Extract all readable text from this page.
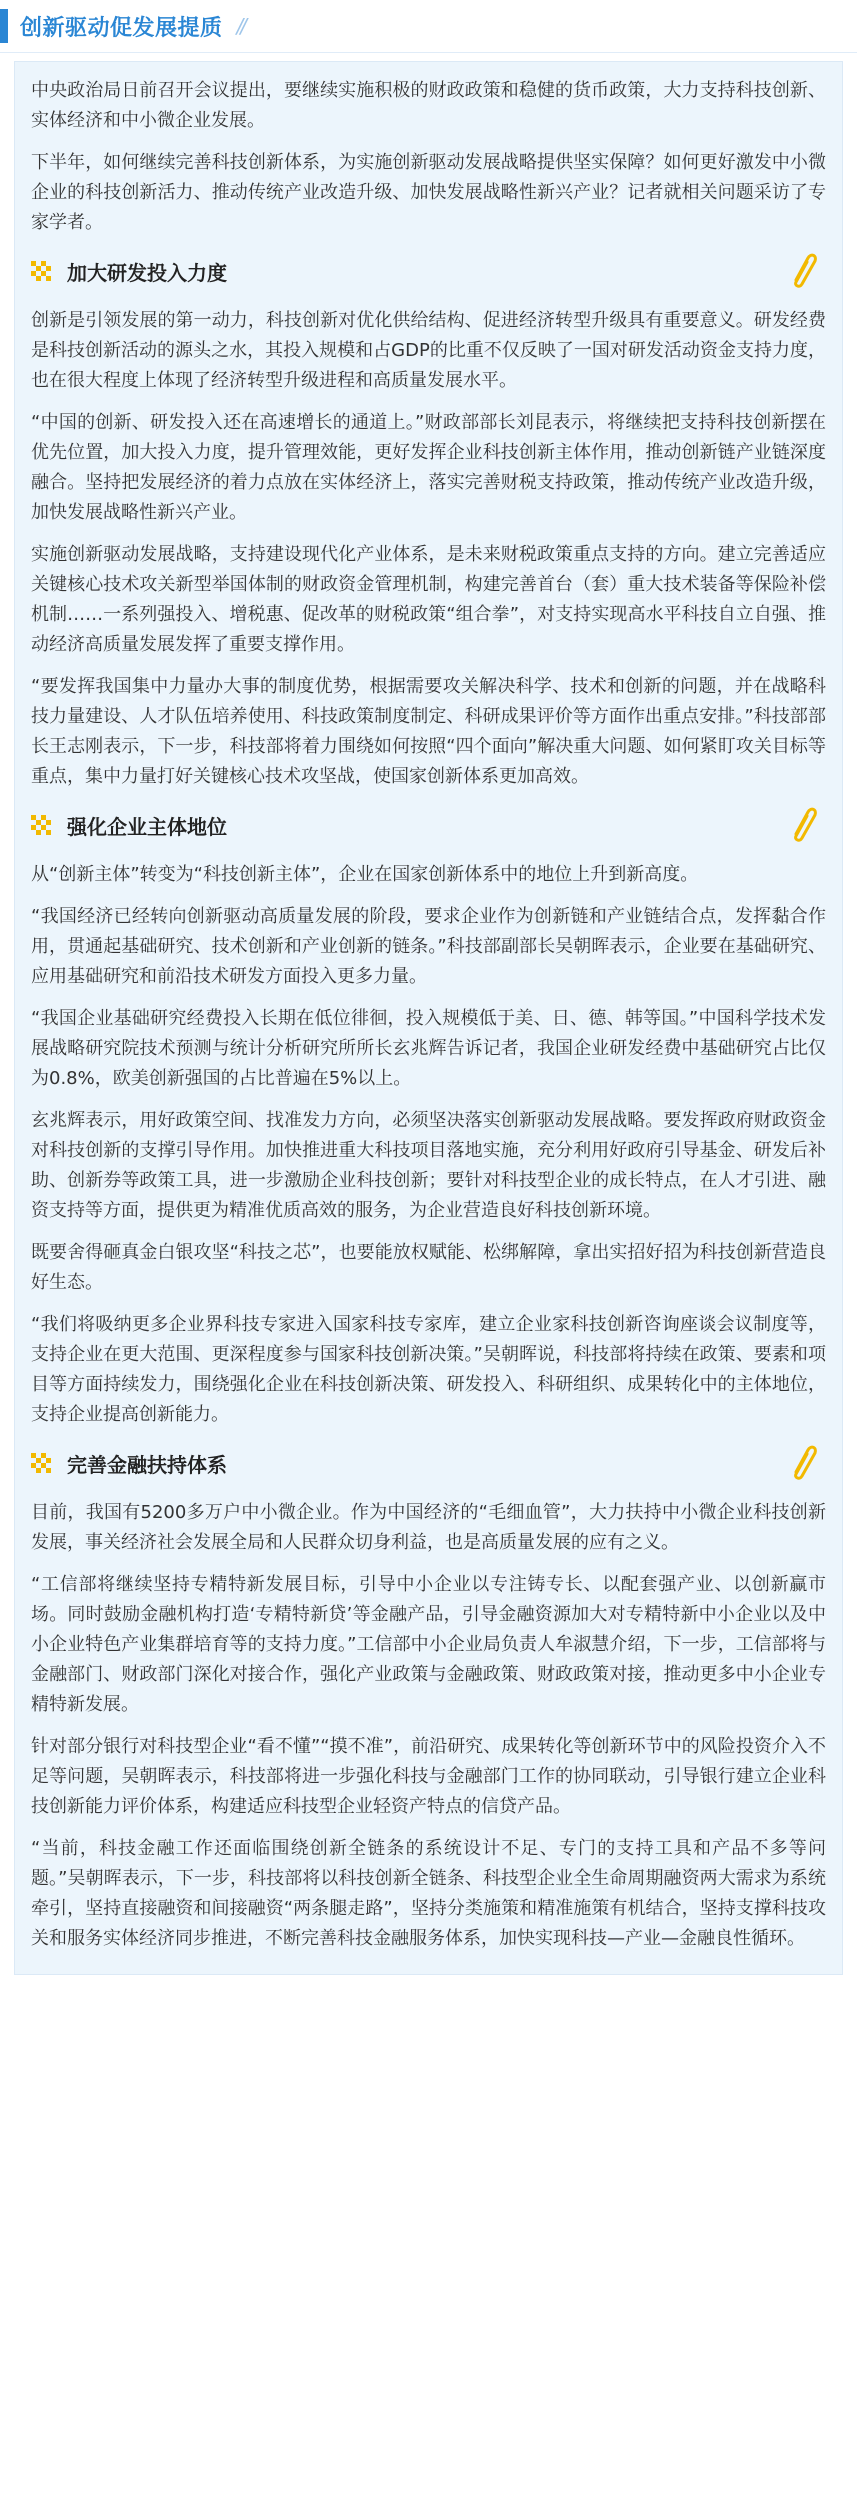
创新驱动促发展提质 //

中央政治局日前召开会议提出，要继续实施积极的财政政策和稳健的货币政策，大力支持科技创新、实体经济和中小微企业发展。

下半年，如何继续完善科技创新体系，为实施创新驱动发展战略提供坚实保障？如何更好激发中小微企业的科技创新活力、推动传统产业改造升级、加快发展战略性新兴产业？记者就相关问题采访了专家学者。

加大研发投入力度

创新是引领发展的第一动力，科技创新对优化供给结构、促进经济转型升级具有重要意义。研发经费是科技创新活动的源头之水，其投入规模和占GDP的比重不仅反映了一国对研发活动资金支持力度，也在很大程度上体现了经济转型升级进程和高质量发展水平。

“中国的创新、研发投入还在高速增长的通道上。”财政部部长刘昆表示，将继续把支持科技创新摆在优先位置，加大投入力度，提升管理效能，更好发挥企业科技创新主体作用，推动创新链产业链深度融合。坚持把发展经济的着力点放在实体经济上，落实完善财税支持政策，推动传统产业改造升级，加快发展战略性新兴产业。

实施创新驱动发展战略，支持建设现代化产业体系，是未来财税政策重点支持的方向。建立完善适应关键核心技术攻关新型举国体制的财政资金管理机制，构建完善首台（套）重大技术装备等保险补偿机制……一系列强投入、增税惠、促改革的财税政策“组合拳”，对支持实现高水平科技自立自强、推动经济高质量发展发挥了重要支撑作用。

“要发挥我国集中力量办大事的制度优势，根据需要攻关解决科学、技术和创新的问题，并在战略科技力量建设、人才队伍培养使用、科技政策制度制定、科研成果评价等方面作出重点安排。”科技部部长王志刚表示，下一步，科技部将着力围绕如何按照“四个面向”解决重大问题、如何紧盯攻关目标等重点，集中力量打好关键核心技术攻坚战，使国家创新体系更加高效。

强化企业主体地位

从“创新主体”转变为“科技创新主体”，企业在国家创新体系中的地位上升到新高度。

“我国经济已经转向创新驱动高质量发展的阶段，要求企业作为创新链和产业链结合点，发挥黏合作用，贯通起基础研究、技术创新和产业创新的链条。”科技部副部长吴朝晖表示，企业要在基础研究、应用基础研究和前沿技术研发方面投入更多力量。

“我国企业基础研究经费投入长期在低位徘徊，投入规模低于美、日、德、韩等国。”中国科学技术发展战略研究院技术预测与统计分析研究所所长玄兆辉告诉记者，我国企业研发经费中基础研究占比仅为0.8%，欧美创新强国的占比普遍在5%以上。

玄兆辉表示，用好政策空间、找准发力方向，必须坚决落实创新驱动发展战略。要发挥政府财政资金对科技创新的支撑引导作用。加快推进重大科技项目落地实施，充分利用好政府引导基金、研发后补助、创新券等政策工具，进一步激励企业科技创新；要针对科技型企业的成长特点，在人才引进、融资支持等方面，提供更为精准优质高效的服务，为企业营造良好科技创新环境。

既要舍得砸真金白银攻坚“科技之芯”，也要能放权赋能、松绑解障，拿出实招好招为科技创新营造良好生态。

“我们将吸纳更多企业界科技专家进入国家科技专家库，建立企业家科技创新咨询座谈会议制度等，支持企业在更大范围、更深程度参与国家科技创新决策。”吴朝晖说，科技部将持续在政策、要素和项目等方面持续发力，围绕强化企业在科技创新决策、研发投入、科研组织、成果转化中的主体地位，支持企业提高创新能力。

完善金融扶持体系

目前，我国有5200多万户中小微企业。作为中国经济的“毛细血管”，大力扶持中小微企业科技创新发展，事关经济社会发展全局和人民群众切身利益，也是高质量发展的应有之义。

“工信部将继续坚持专精特新发展目标，引导中小企业以专注铸专长、以配套强产业、以创新赢市场。同时鼓励金融机构打造‘专精特新贷’等金融产品，引导金融资源加大对专精特新中小企业以及中小企业特色产业集群培育等的支持力度。”工信部中小企业局负责人牟淑慧介绍，下一步，工信部将与金融部门、财政部门深化对接合作，强化产业政策与金融政策、财政政策对接，推动更多中小企业专精特新发展。

针对部分银行对科技型企业“看不懂”“摸不准”，前沿研究、成果转化等创新环节中的风险投资介入不足等问题，吴朝晖表示，科技部将进一步强化科技与金融部门工作的协同联动，引导银行建立企业科技创新能力评价体系，构建适应科技型企业轻资产特点的信贷产品。

“当前，科技金融工作还面临围绕创新全链条的系统设计不足、专门的支持工具和产品不多等问题。”吴朝晖表示，下一步，科技部将以科技创新全链条、科技型企业全生命周期融资两大需求为系统牵引，坚持直接融资和间接融资“两条腿走路”，坚持分类施策和精准施策有机结合，坚持支撑科技攻关和服务实体经济同步推进，不断完善科技金融服务体系，加快实现科技—产业—金融良性循环。
